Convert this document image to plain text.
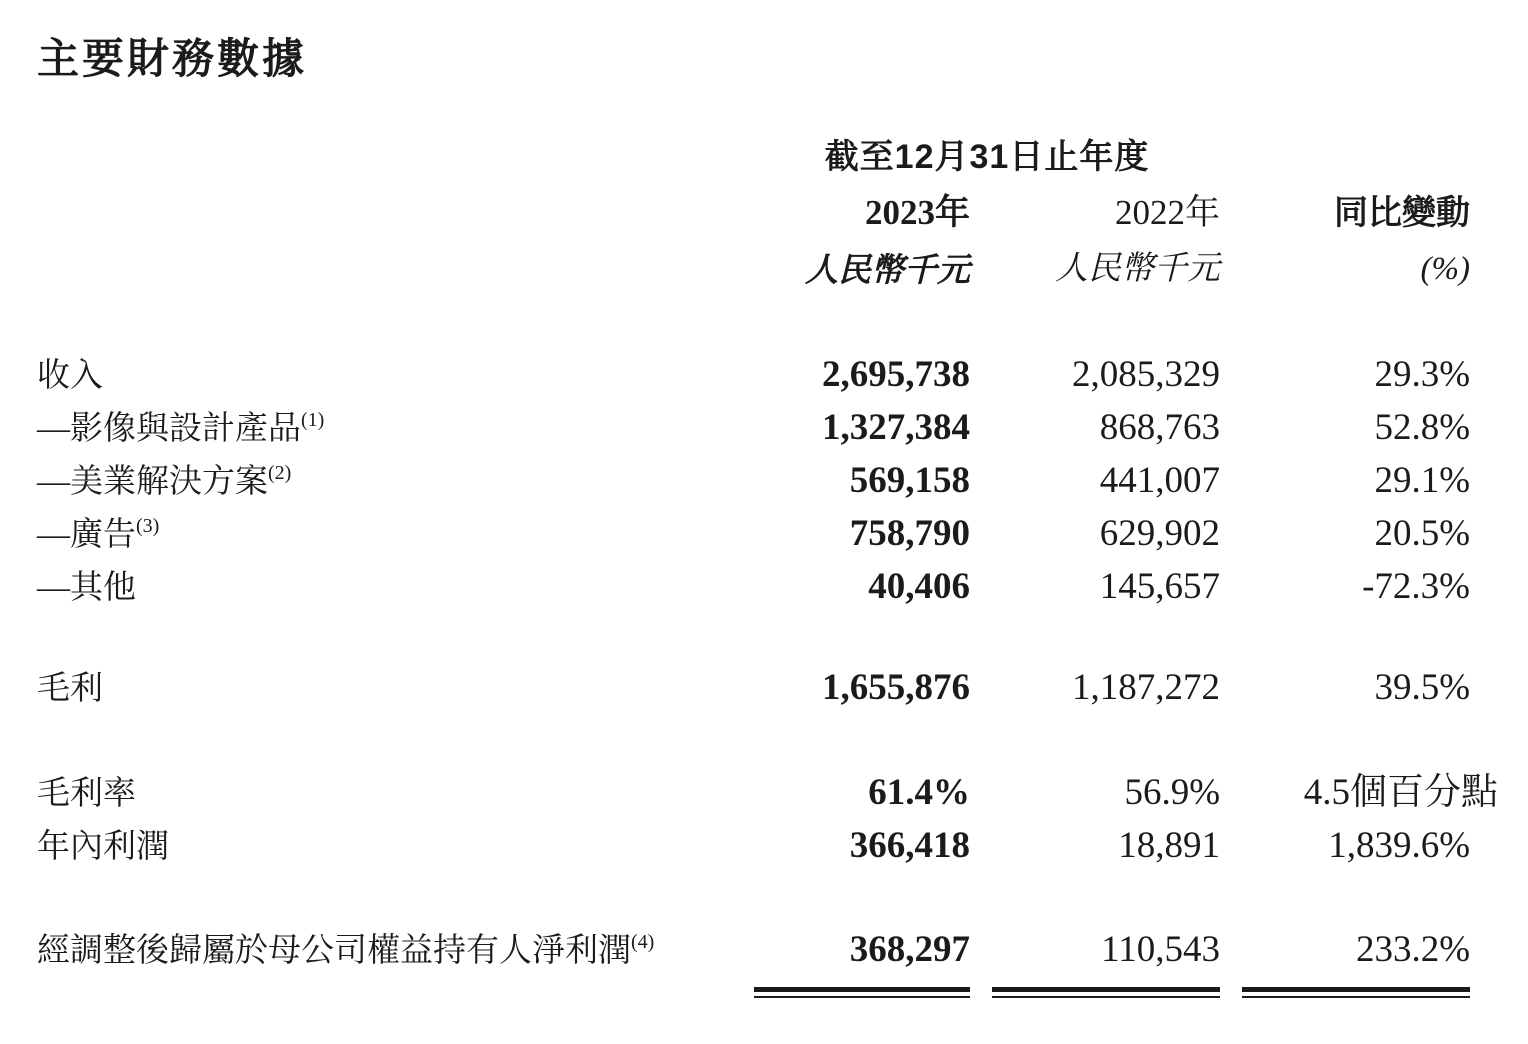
主要財務數據
	截至12月31日止年度		
	2023年	2022年	同比變動
	人民幣千元	人民幣千元	(%)

收入	2,695,738	2,085,329	29.3%
—影像與設計產品$^{(1)}$	1,327,384	868,763	52.8%
—美業解決方案$^{(2)}$	569,158	441,007	29.1%
—廣告$^{(3)}$	758,790	629,902	20.5%
—其他	40,406	145,657	-72.3%

毛利	1,655,876	1,187,272	39.5%

毛利率	61.4%	56.9%	4.5個百分點
年內利潤	366,418	18,891	1,839.6%

經調整後歸屬於母公司權益持有人淨利潤$^{(4)}$	368,297	110,543	233.2%
